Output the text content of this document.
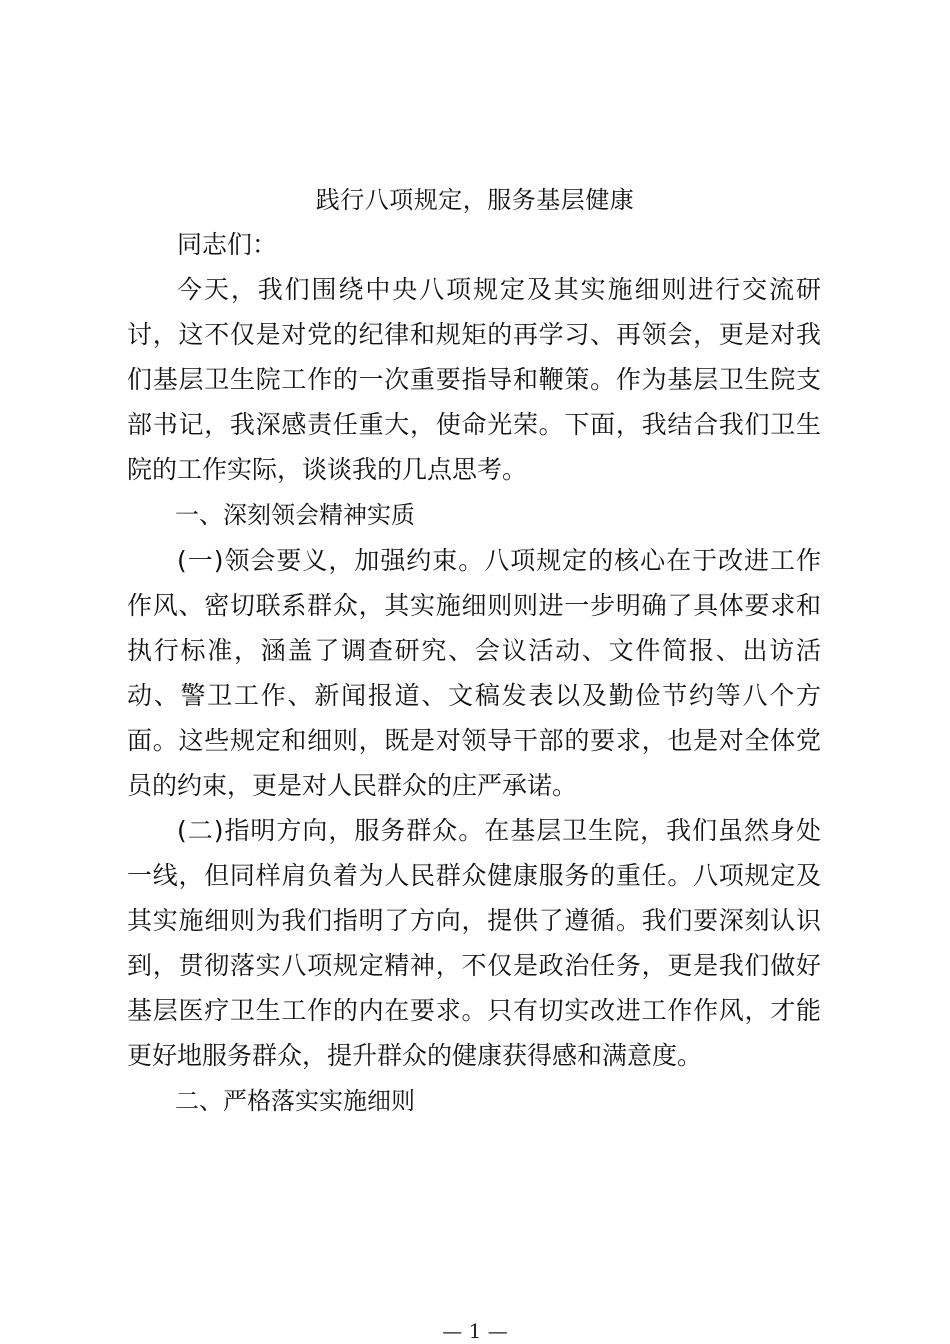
践行八项规定，服务基层健康

同志们：

今天，我们围绕中央八项规定及其实施细则进行交流研讨，这不仅是对党的纪律和规矩的再学习、再领会，更是对我们基层卫生院工作的一次重要指导和鞭策。作为基层卫生院支部书记，我深感责任重大，使命光荣。下面，我结合我们卫生院的工作实际，谈谈我的几点思考。

一、深刻领会精神实质

(一)领会要义，加强约束。八项规定的核心在于改进工作作风、密切联系群众，其实施细则则进一步明确了具体要求和执行标准，涵盖了调查研究、会议活动、文件简报、出访活动、警卫工作、新闻报道、文稿发表以及勤俭节约等八个方面。这些规定和细则，既是对领导干部的要求，也是对全体党员的约束，更是对人民群众的庄严承诺。

(二)指明方向，服务群众。在基层卫生院，我们虽然身处一线，但同样肩负着为人民群众健康服务的重任。八项规定及其实施细则为我们指明了方向，提供了遵循。我们要深刻认识到，贯彻落实八项规定精神，不仅是政治任务，更是我们做好基层医疗卫生工作的内在要求。只有切实改进工作作风，才能更好地服务群众，提升群众的健康获得感和满意度。

二、严格落实实施细则

— 1 —
